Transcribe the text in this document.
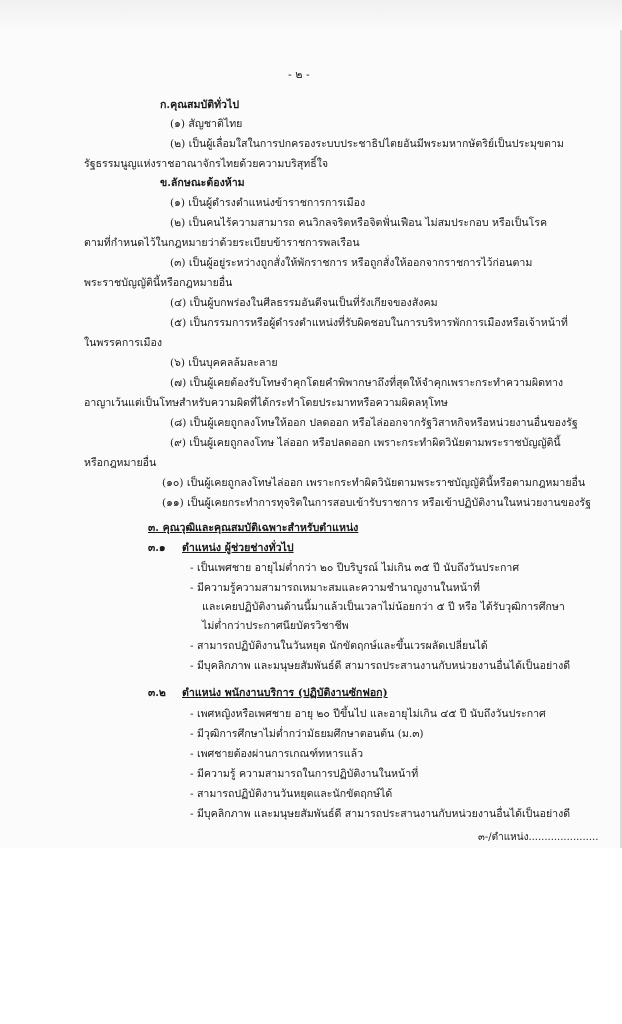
- ๒ -
ก.คุณสมบัติทั่วไป
(๑) สัญชาติไทย
(๒) เป็นผู้เลื่อมใสในการปกครองระบบประชาธิปไตยอันมีพระมหากษัตริย์เป็นประมุขตาม
รัฐธรรมนูญแห่งราชอาณาจักรไทยด้วยความบริสุทธิ์ใจ
ข.ลักษณะต้องห้าม
(๑) เป็นผู้ดำรงตำแหน่งข้าราชการการเมือง
(๒) เป็นคนไร้ความสามารถ คนวิกลจริตหรือจิตฟั่นเฟือน ไม่สมประกอบ หรือเป็นโรค
ตามที่กำหนดไว้ในกฎหมายว่าด้วยระเบียบข้าราชการพลเรือน
(๓) เป็นผู้อยู่ระหว่างถูกสั่งให้พักราชการ หรือถูกสั่งให้ออกจากราชการไว้ก่อนตาม
พระราชบัญญัตินี้หรือกฎหมายอื่น
(๔) เป็นผู้บกพร่องในศีลธรรมอันดีจนเป็นที่รังเกียจของสังคม
(๕) เป็นกรรมการหรือผู้ดำรงตำแหน่งที่รับผิดชอบในการบริหารพักการเมืองหรือเจ้าหน้าที่
ในพรรคการเมือง
(๖) เป็นบุคคลล้มละลาย
(๗) เป็นผู้เคยต้องรับโทษจำคุกโดยคำพิพากษาถึงที่สุดให้จำคุกเพราะกระทำความผิดทาง
อาญาเว้นแต่เป็นโทษสำหรับความผิดที่ได้กระทำโดยประมาทหรือความผิดลหุโทษ
(๘) เป็นผู้เคยถูกลงโทษให้ออก ปลดออก หรือไล่ออกจากรัฐวิสาหกิจหรือหน่วยงานอื่นของรัฐ
(๙) เป็นผู้เคยถูกลงโทษ ไล่ออก หรือปลดออก เพราะกระทำผิดวินัยตามพระราชบัญญัตินี้
หรือกฎหมายอื่น
(๑๐) เป็นผู้เคยถูกลงโทษไล่ออก เพราะกระทำผิดวินัยตามพระราชบัญญัตินี้หรือตามกฎหมายอื่น
(๑๑) เป็นผู้เคยกระทำการทุจริตในการสอบเข้ารับราชการ หรือเข้าปฏิบัติงานในหน่วยงานของรัฐ
๓. คุณวุฒิและคุณสมบัติเฉพาะสำหรับตำแหน่ง
๓.๑ ตำแหน่ง ผู้ช่วยช่างทั่วไป
- เป็นเพศชาย อายุไม่ต่ำกว่า ๒๐ ปีบริบูรณ์ ไม่เกิน ๓๕ ปี นับถึงวันประกาศ
- มีความรู้ความสามารถเหมาะสมและความชำนาญงานในหน้าที่
และเคยปฏิบัติงานด้านนี้มาแล้วเป็นเวลาไม่น้อยกว่า ๕ ปี หรือ ได้รับวุฒิการศึกษา
ไม่ต่ำกว่าประกาศนียบัตรวิชาชีพ
- สามารถปฏิบัติงานในวันหยุด นักขัตฤกษ์และขึ้นเวรผลัดเปลี่ยนได้
- มีบุคลิกภาพ และมนุษยสัมพันธ์ดี สามารถประสานงานกับหน่วยงานอื่นได้เป็นอย่างดี
๓.๒ ตำแหน่ง พนักงานบริการ (ปฏิบัติงานซักฟอก)
- เพศหญิงหรือเพศชาย อายุ ๒๐ ปีขึ้นไป และอายุไม่เกิน ๔๕ ปี นับถึงวันประกาศ
- มีวุฒิการศึกษาไม่ต่ำกว่ามัธยมศึกษาตอนต้น (ม.๓)
- เพศชายต้องผ่านการเกณฑ์ทหารแล้ว
- มีความรู้ ความสามารถในการปฏิบัติงานในหน้าที่
- สามารถปฏิบัติงานวันหยุดและนักขัตฤกษ์ได้
- มีบุคลิกภาพ และมนุษยสัมพันธ์ดี สามารถประสานงานกับหน่วยงานอื่นได้เป็นอย่างดี
๓-/ตำแหน่ง......................
